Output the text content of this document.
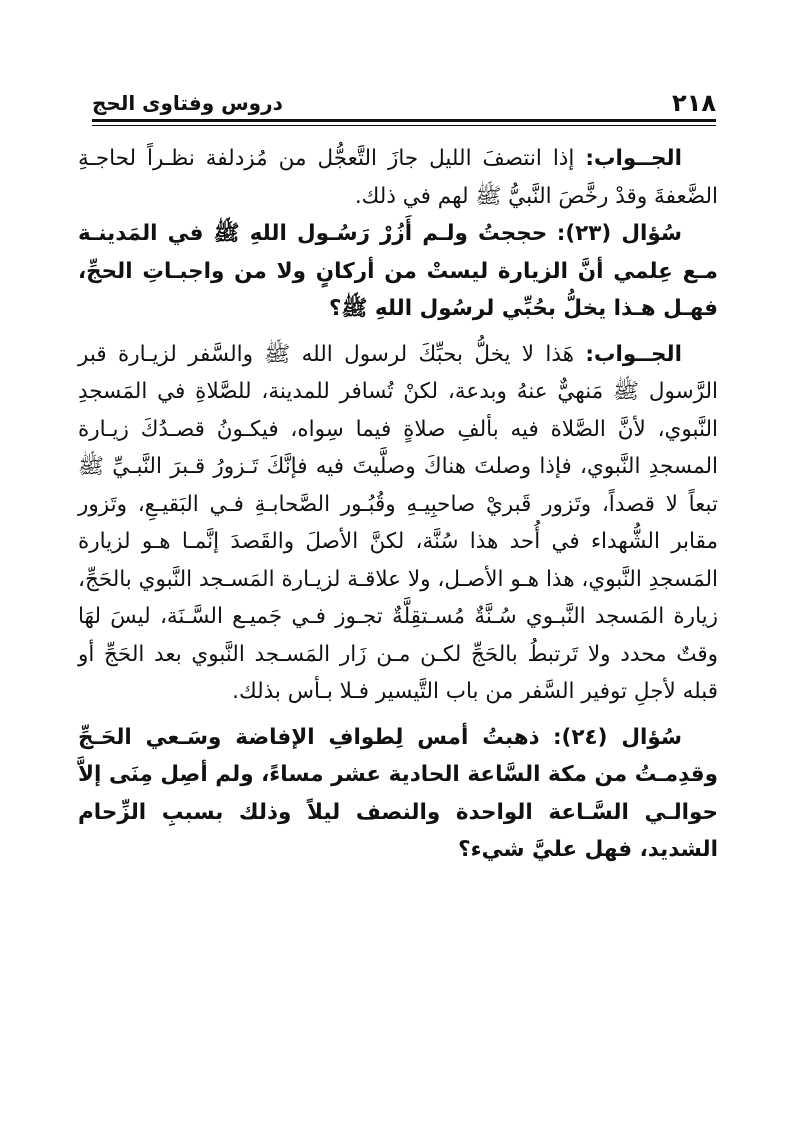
٢١٨
دروس وفتاوى الحج

الجــواب: إذا انتصفَ الليل جازَ التَّعجُّل من مُزدلفة نظـراً لحاجـةِ الضَّعفةَ وقدْ رخَّصَ النَّبيُّ ﷺ لهم في ذلك.

سُؤال (٢٣): حججتُ ولـم أَزُرْ رَسُـول اللهِ ﷺ في المَدينـة مـع عِلمي أنَّ الزيارة ليستْ من أركانٍ ولا من واجبـاتِ الحجِّ، فهـل هـذا يخلُّ بحُبِّي لرسُول اللهِ ﷺ؟

الجــواب: هَذا لا يخلُّ بحبِّكَ لرسول الله ﷺ والسَّفر لزيـارة قبر الرَّسول ﷺ مَنهيٌّ عنهُ وبدعة، لكنْ تُسافر للمدينة، للصَّلاةِ في المَسجدِ النَّبوي، لأنَّ الصَّلاة فيه بألفِ صلاةٍ فيما سِواه، فيكـونُ قصـدُكَ زيـارة المسجدِ النَّبوي، فإذا وصلتَ هناكَ وصلَّيتَ فيه فإنَّكَ تَـزورُ قـبرَ النَّبـيِّ ﷺ تبعاً لا قصداً، وتَزور قَبريْ صاحبِيـهِ وقُبُـور الصَّحابـةِ فـي البَقيـعِ، وتَزور مقابر الشُّهداء في أُحد هذا سُنَّة، لكنَّ الأصلَ والقَصدَ إنَّمـا هـو لزيارة المَسجدِ النَّبوي، هذا هـو الأصـل، ولا علاقـة لزيـارة المَسـجد النَّبوي بالحَجِّ، زيارة المَسجد النَّبـوي سُـنَّةٌ مُسـتقِلَّةٌ تجـوز فـي جَميـع السَّـنَة، ليسَ لهَا وقتٌ محدد ولا تَرتبطُ بالحَجِّ لكـن مـن زَار المَسـجد النَّبوي بعد الحَجِّ أو قبله لأجلِ توفير السَّفر من باب التَّيسير فـلا بـأس بذلك.

سُؤال (٢٤): ذهبتُ أمس لِطوافِ الإفاضة وسَـعي الحَـجِّ وقدِمـتُ من مكة السَّاعة الحادية عشر مساءً، ولم أصِل مِنَى إلاَّ حوالـي السَّـاعة الواحدة والنصف ليلاً وذلك بسببِ الزِّحام الشديد، فهل عليَّ شيء؟
